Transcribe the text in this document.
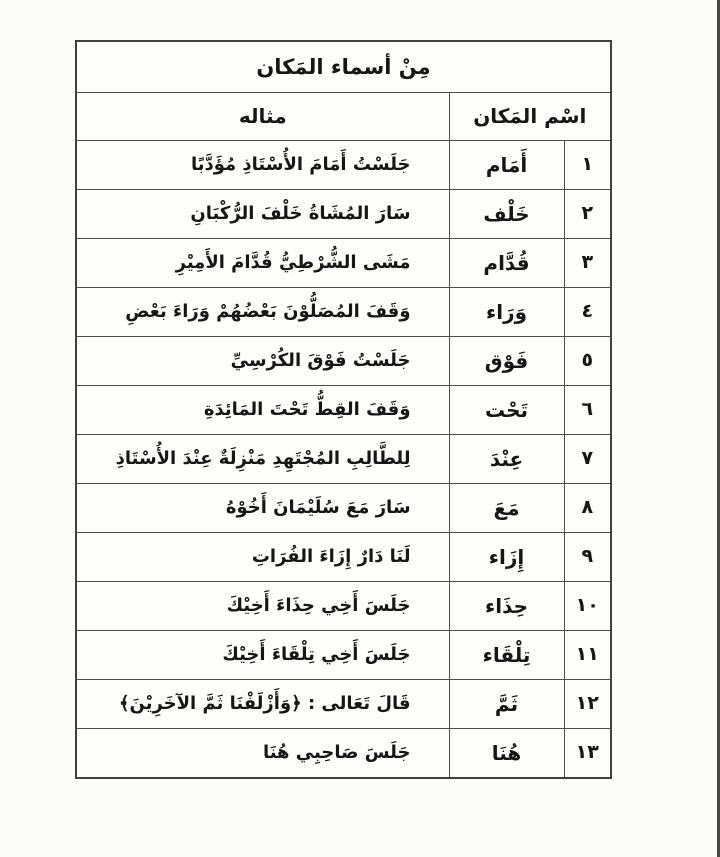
مِنْ أسماء المَكان		
اسْم المَكان		مثاله
١	أَمَام	جَلَسْتُ أَمَامَ الأُسْتَاذِ مُؤَدَّبًا
٢	خَلْف	سَارَ المُشَاةُ خَلْفَ الرُّكْبَانِ
٣	قُدَّام	مَشَى الشُّرْطِيُّ قُدَّامَ الأَمِيْرِ
٤	وَرَاء	وَقَفَ المُصَلُّوْنَ بَعْضُهُمْ وَرَاءَ بَعْضِ
٥	فَوْق	جَلَسْتُ فَوْقَ الكُرْسِيِّ
٦	تَحْت	وَقَفَ القِطُّ تَحْتَ المَائِدَةِ
٧	عِنْدَ	لِلطَّالِبِ المُجْتَهِدِ مَنْزِلَةٌ عِنْدَ الأُسْتَاذِ
٨	مَعَ	سَارَ مَعَ سُلَيْمَانَ أَخُوْهُ
٩	إِزَاء	لَنَا دَارٌ إِزَاءَ الفُرَاتِ
١٠	حِذَاء	جَلَسَ أَخِي حِذَاءَ أَخِيْكَ
١١	تِلْقَاء	جَلَسَ أَخِي تِلْقَاءَ أَخِيْكَ
١٢	ثَمَّ	قَالَ تَعَالى : ﴿وَأَزْلَفْنَا ثَمَّ الآخَرِيْنَ﴾
١٣	هُنَا	جَلَسَ صَاحِبِي هُنَا
